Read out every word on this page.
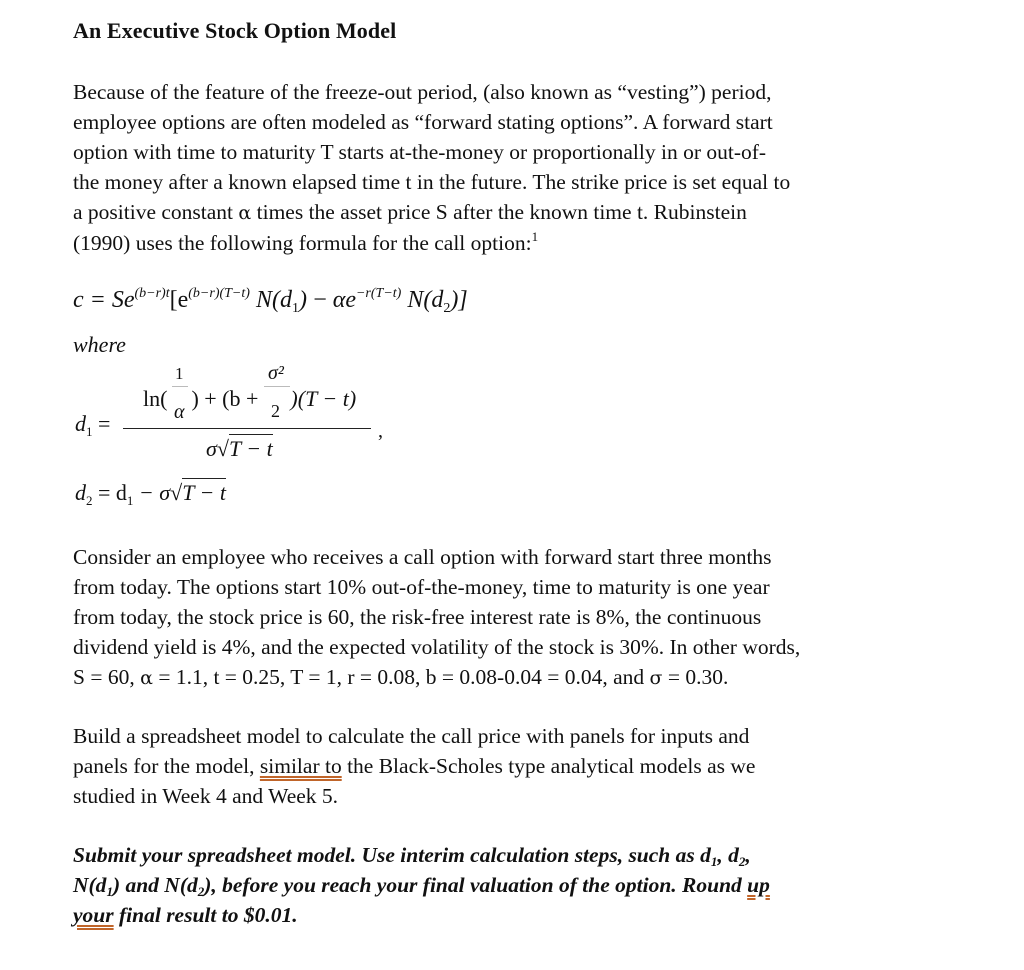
An Executive Stock Option Model
Because of the feature of the freeze-out period, (also known as “vesting”) period,
employee options are often modeled as “forward stating options”. A forward start
option with time to maturity T starts at-the-money or proportionally in or out-of-
the money after a known elapsed time t in the future. The strike price is set equal to
a positive constant α times the asset price S after the known time t. Rubinstein
(1990) uses the following formula for the call option:$^1$
$c = Se^{(b-r)t}[e^{(b-r)(T-t)}$ $N(d_1) - \alpha e^{-r(T-t)}$ $N(d_2)$]
where
$d_1$ =
ln( ) + (b + )(T − t)
1
α
σ²
2
σ√T − t
,
$d_2 = d_1 - \sigma√T - t$
Consider an employee who receives a call option with forward start three months
from today. The options start 10% out-of-the-money, time to maturity is one year
from today, the stock price is 60, the risk-free interest rate is 8%, the continuous
dividend yield is 4%, and the expected volatility of the stock is 30%. In other words,
S = 60, α = 1.1, t = 0.25, T = 1, r = 0.08, b = 0.08-0.04 = 0.04, and σ = 0.30.
Build a spreadsheet model to calculate the call price with panels for inputs and
panels for the model, similar to the Black-Scholes type analytical models as we
studied in Week 4 and Week 5.
Submit your spreadsheet model. Use interim calculation steps, such as $d_1$, $d_2$,
$N(d_1)$ and $N(d_2)$, before you reach your final valuation of the option. Round up
your final result to $0.01.
